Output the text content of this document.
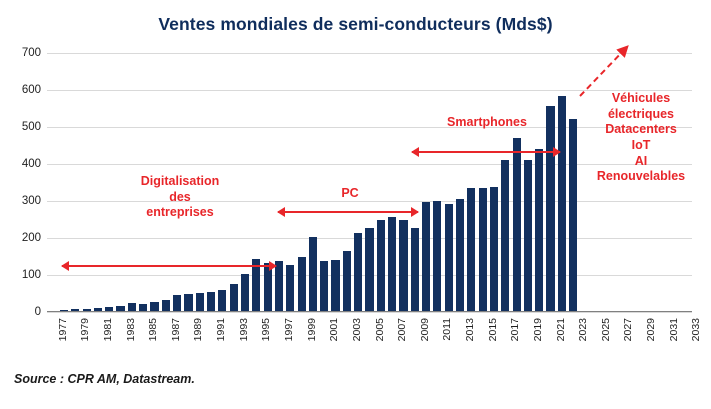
Ventes mondiales de semi-conducteurs (Mds$)
0
100
200
300
400
500
600
700
1977 1979 1981 1983 1985 1987 1989 1991 1993 1995 1997 1999 2001 2003 2005 2007 2009 2011 2013 2015 2017 2019 2021 2023 2025 2027 2029 2031 2033
Digitalisation
des
entreprises
PC
Smartphones
Véhicules
électriques
Datacenters
IoT
AI
Renouvelables
Source : CPR AM, Datastream.
